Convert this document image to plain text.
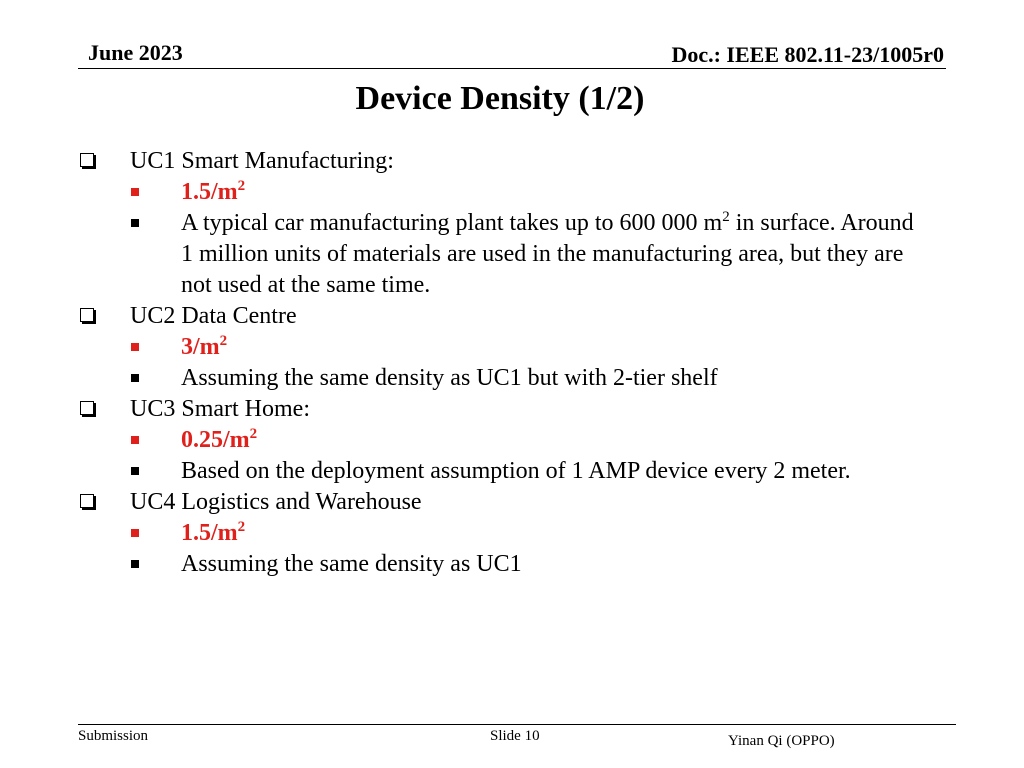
June 2023	Doc.: IEEE 802.11-23/1005r0
Device Density (1/2)
UC1 Smart Manufacturing:
$1.5/m^2$
A typical car manufacturing plant takes up to 600 000 $m^2$ in surface. Around
1 million units of materials are used in the manufacturing area, but they are
not used at the same time.
UC2 Data Centre
$3/m^2$
Assuming the same density as UC1 but with 2-tier shelf
UC3 Smart Home:
$0.25/m^2$
Based on the deployment assumption of 1 AMP device every 2 meter.
UC4 Logistics and Warehouse
$1.5/m^2$
Assuming the same density as UC1
Submission	Slide 10	Yinan Qi (OPPO)
